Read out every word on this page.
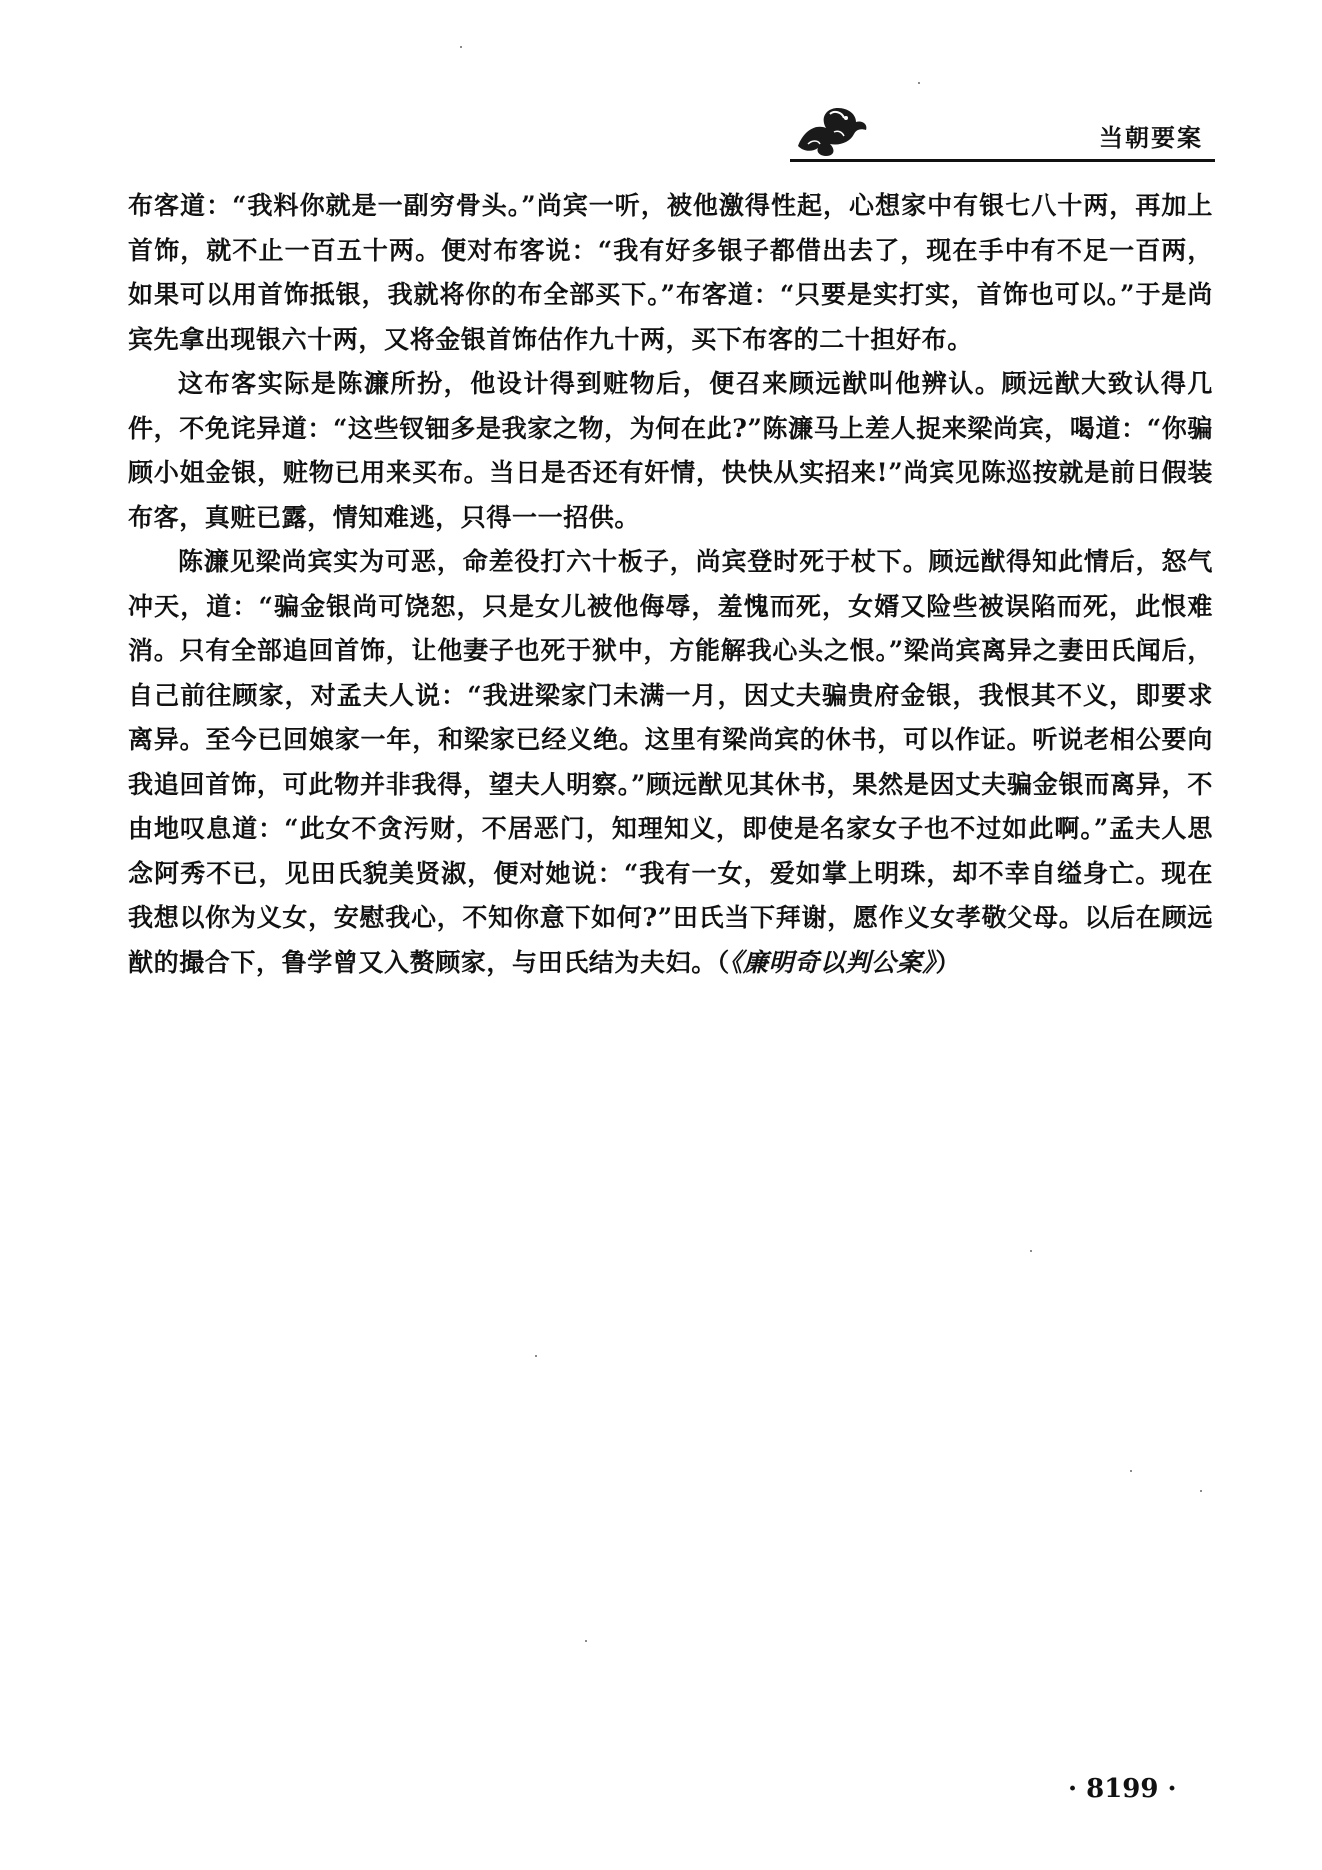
当朝要案

布客道：“我料你就是一副穷骨头。”尚宾一听，被他激得性起，心想家中有银七八十两，再加上首饰，就不止一百五十两。便对布客说：“我有好多银子都借出去了，现在手中有不足一百两，如果可以用首饰抵银，我就将你的布全部买下。”布客道：“只要是实打实，首饰也可以。”于是尚宾先拿出现银六十两，又将金银首饰估作九十两，买下布客的二十担好布。

这布客实际是陈濂所扮，他设计得到赃物后，便召来顾远猷叫他辨认。顾远猷大致认得几件，不免诧异道：“这些钗钿多是我家之物，为何在此?”陈濂马上差人捉来梁尚宾，喝道：“你骗顾小姐金银，赃物已用来买布。当日是否还有奸情，快快从实招来!”尚宾见陈巡按就是前日假装布客，真赃已露，情知难逃，只得一一招供。

陈濂见梁尚宾实为可恶，命差役打六十板子，尚宾登时死于杖下。顾远猷得知此情后，怒气冲天，道：“骗金银尚可饶恕，只是女儿被他侮辱，羞愧而死，女婿又险些被误陷而死，此恨难消。只有全部追回首饰，让他妻子也死于狱中，方能解我心头之恨。”梁尚宾离异之妻田氏闻后，自己前往顾家，对孟夫人说：“我进梁家门未满一月，因丈夫骗贵府金银，我恨其不义，即要求离异。至今已回娘家一年，和梁家已经义绝。这里有梁尚宾的休书，可以作证。听说老相公要向我追回首饰，可此物并非我得，望夫人明察。”顾远猷见其休书，果然是因丈夫骗金银而离异，不由地叹息道：“此女不贪污财，不居恶门，知理知义，即使是名家女子也不过如此啊。”孟夫人思念阿秀不已，见田氏貌美贤淑，便对她说：“我有一女，爱如掌上明珠，却不幸自缢身亡。现在我想以你为义女，安慰我心，不知你意下如何?”田氏当下拜谢，愿作义女孝敬父母。以后在顾远猷的撮合下，鲁学曾又入赘顾家，与田氏结为夫妇。（《廉明奇以判公案》）

· 8199 ·
